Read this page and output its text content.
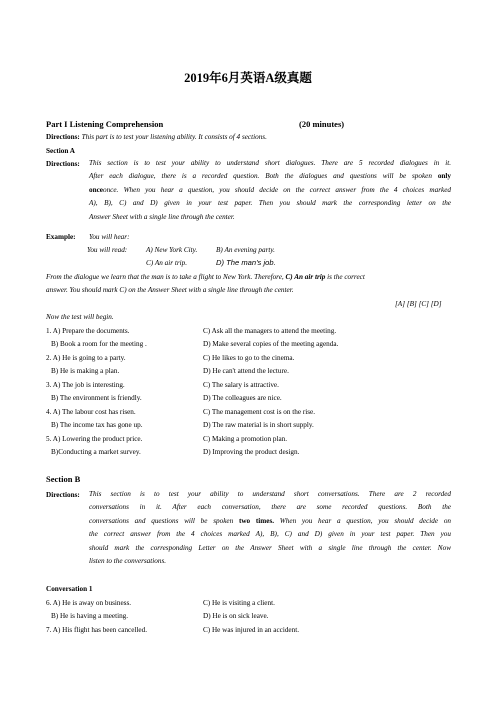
2019年6月英语A级真题
Part I Listening Comprehension	(20 minutes)
Directions: This part is to test your listening ability. It consists of 4 sections.
Section A
Directions: This section is to test your ability to understand short dialogues. There are 5 recorded dialogues in it.
After each dialogue, there is a recorded question. Both the dialogues and questions will be spoken only
onceonce. When you hear a question, you should decide on the correct answer from the 4 choices marked
A), B), C) and D) given in your test paper. Then you should mark the corresponding letter on the
Answer Sheet with a single line through the center.
Example: You will hear:
You will read:	A) New York City.	B) An evening party.
C) An air trip.	D) The man's job.
From the dialogue we learn that the man is to take a flight to New York. Therefore, C) An air trip is the correct
answer. You should mark C) on the Answer Sheet with a single line through the center.
[A] [B] [C] [D]
Now the test will begin.
1. A) Prepare the documents.	C) Ask all the managers to attend the meeting.
B) Book a room for the meeting .	D) Make several copies of the meeting agenda.
2. A) He is going to a party.	C) He likes to go to the cinema.
B) He is making a plan.	D) He can't attend the lecture.
3. A) The job is interesting.	C) The salary is attractive.
B) The environment is friendly.	D) The colleagues are nice.
4. A) The labour cost has risen.	C) The management cost is on the rise.
B) The income tax has gone up.	D) The raw material is in short supply.
5. A) Lowering the product price.	C) Making a promotion plan.
B)Conducting a market survey.	D) Improving the product design.
Section B
Directions: This section is to test your ability to understand short conversations. There are 2 recorded
conversations in it. After each conversation, there are some recorded questions. Both the
conversations and questions will be spoken two times. When you hear a question, you should decide on
the correct answer from the 4 choices marked A), B), C) and D) given in your test paper. Then you
should mark the corresponding Letter on the Answer Sheet with a single line through the center. Now
listen to the conversations.
Conversation 1
6. A) He is away on business.	C) He is visiting a client.
B) He is having a meeting.	D) He is on sick leave.
7. A) His flight has been cancelled.	C) He was injured in an accident.
